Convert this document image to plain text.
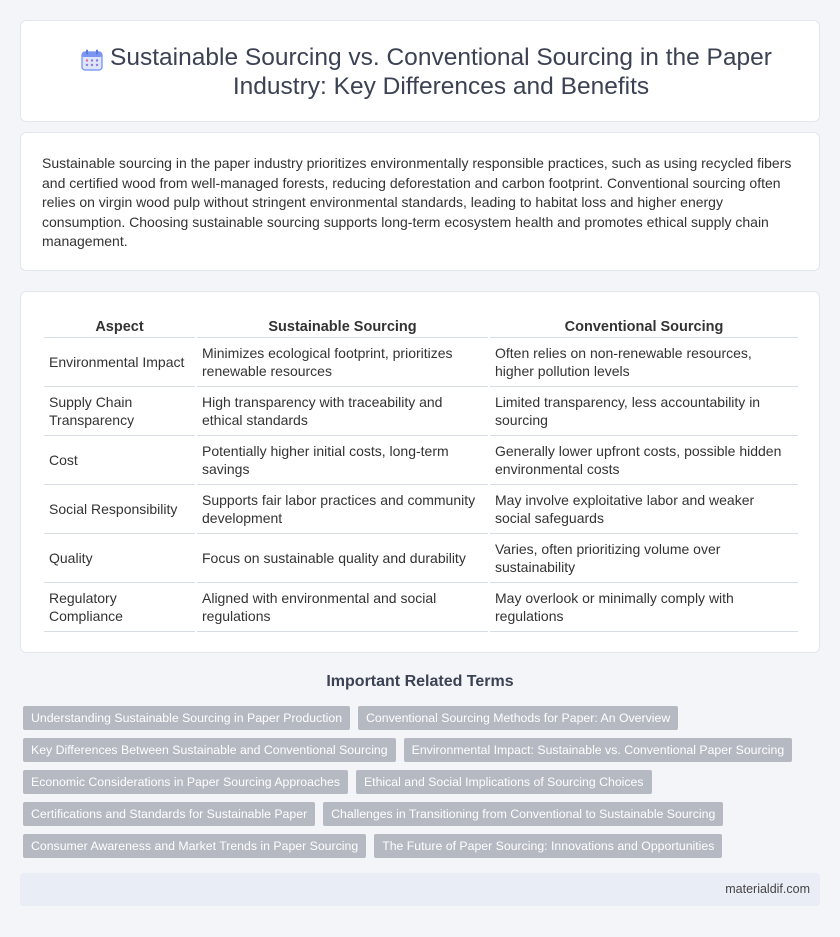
Sustainable Sourcing vs. Conventional Sourcing in the Paper Industry: Key Differences and Benefits

Sustainable sourcing in the paper industry prioritizes environmentally responsible practices, such as using recycled fibers and certified wood from well-managed forests, reducing deforestation and carbon footprint. Conventional sourcing often relies on virgin wood pulp without stringent environmental standards, leading to habitat loss and higher energy consumption. Choosing sustainable sourcing supports long-term ecosystem health and promotes ethical supply chain management.

Aspect	Sustainable Sourcing	Conventional Sourcing
Environmental Impact	Minimizes ecological footprint, prioritizes renewable resources	Often relies on non-renewable resources, higher pollution levels
Supply Chain Transparency	High transparency with traceability and ethical standards	Limited transparency, less accountability in sourcing
Cost	Potentially higher initial costs, long-term savings	Generally lower upfront costs, possible hidden environmental costs
Social Responsibility	Supports fair labor practices and community development	May involve exploitative labor and weaker social safeguards
Quality	Focus on sustainable quality and durability	Varies, often prioritizing volume over sustainability
Regulatory Compliance	Aligned with environmental and social regulations	May overlook or minimally comply with regulations
Important Related Terms
Understanding Sustainable Sourcing in Paper Production	Conventional Sourcing Methods for Paper: An Overview
Key Differences Between Sustainable and Conventional Sourcing	Environmental Impact: Sustainable vs. Conventional Paper Sourcing
Economic Considerations in Paper Sourcing Approaches	Ethical and Social Implications of Sourcing Choices
Certifications and Standards for Sustainable Paper	Challenges in Transitioning from Conventional to Sustainable Sourcing
Consumer Awareness and Market Trends in Paper Sourcing	The Future of Paper Sourcing: Innovations and Opportunities
materialdif.com
